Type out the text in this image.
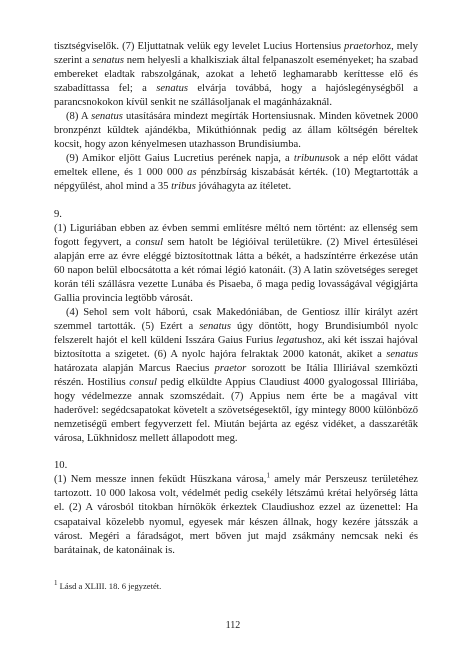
tisztségviselők. (7) Eljuttatnak velük egy levelet Lucius Hortensius praetorhoz, mely szerint a senatus nem helyesli a khalkisziak által felpanaszolt eseményeket; ha szabad embereket eladtak rabszolgának, azokat a lehető leghamarabb keríttesse elő és szabadíttassa fel; a senatus elvárja továbbá, hogy a hajóslegénységből a parancsnokokon kívül senkit ne szállásoljanak el magánházaknál.

(8) A senatus utasítására mindezt megírták Hortensiusnak. Minden követnek 2000 bronzpénzt küldtek ajándékba, Mikúthiónnak pedig az állam költségén béreltek kocsit, hogy azon kényelmesen utazhasson Brundisiumba.

(9) Amikor eljött Gaius Lucretius perének napja, a tribunusok a nép előtt vádat emeltek ellene, és 1 000 000 as pénzbírság kiszabását kérték. (10) Megtartották a népgyűlést, ahol mind a 35 tribus jóváhagyta az ítéletet.

9.

(1) Liguriában ebben az évben semmi említésre méltó nem történt: az ellenség sem fogott fegyvert, a consul sem hatolt be légióival területükre. (2) Mivel értesülései alapján erre az évre eléggé biztosítottnak látta a békét, a hadszíntérre érkezése után 60 napon belül elbocsátotta a két római légió katonáit. (3) A latin szövetséges sereget korán téli szállásra vezette Lunába és Pisaeba, ő maga pedig lovasságával végigjárta Gallia provincia legtöbb városát.

(4) Sehol sem volt háború, csak Makedóniában, de Gentiosz illír királyt azért szemmel tartották. (5) Ezért a senatus úgy döntött, hogy Brundisiumból nyolc felszerelt hajót el kell küldeni Isszára Gaius Furius legatushoz, aki két isszai hajóval biztosította a szigetet. (6) A nyolc hajóra felraktak 2000 katonát, akiket a senatus határozata alapján Marcus Raecius praetor sorozott be Itália Illiriával szemközti részén. Hostilius consul pedig elküldte Appius Claudiust 4000 gyalogossal Illiriába, hogy védelmezze annak szomszédait. (7) Appius nem érte be a magával vitt haderővel: segédcsapatokat követelt a szövetségesektől, így mintegy 8000 különböző nemzetiségű embert fegyverzett fel. Miután bejárta az egész vidéket, a dasszarétâk városa, Lükhnidosz mellett állapodott meg.

10.

(1) Nem messze innen feküdt Hüszkana városa,$^1$ amely már Perszeusz területéhez tartozott. 10 000 lakosa volt, védelmét pedig csekély létszámú krétai helyőrség látta el. (2) A városból titokban hírnökök érkeztek Claudiushoz ezzel az üzenettel: Ha csapataival közelebb nyomul, egyesek már készen állnak, hogy kezére játsszák a várost. Megéri a fáradságot, mert bőven jut majd zsákmány nemcsak neki és barátainak, de katonáinak is.

$^1$ Lásd a XLIII. 18. 6 jegyzetét.
112
